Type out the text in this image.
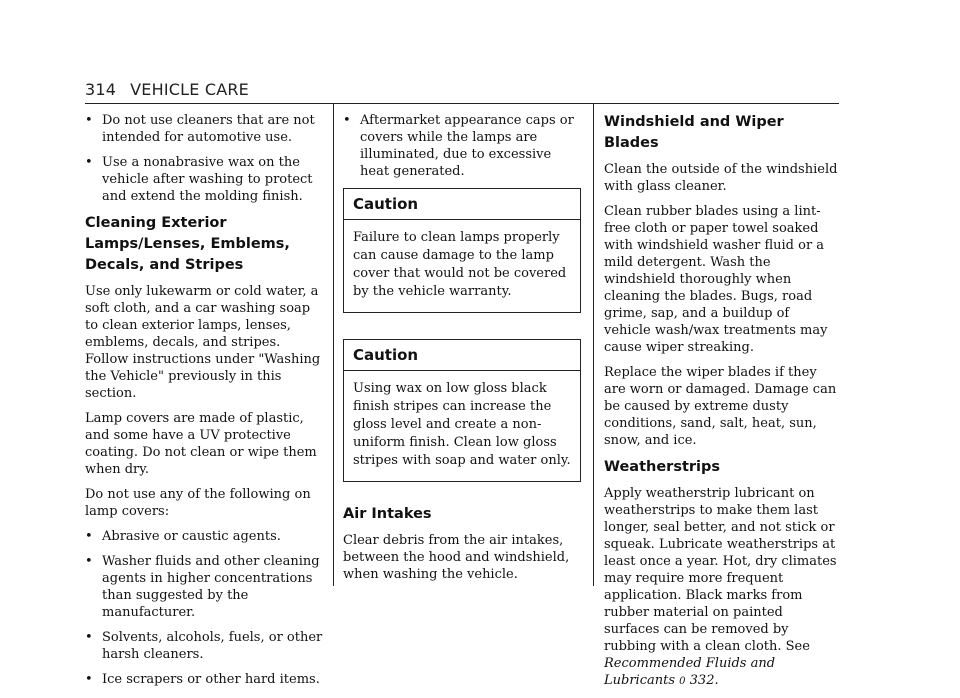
314 VEHICLE CARE
• Do not use cleaners that are not intended for automotive use.
• Use a nonabrasive wax on the vehicle after washing to protect and extend the molding finish.
Cleaning Exterior Lamps/Lenses, Emblems, Decals, and Stripes

Use only lukewarm or cold water, a soft cloth, and a car washing soap to clean exterior lamps, lenses, emblems, decals, and stripes. Follow instructions under "Washing the Vehicle" previously in this section.

Lamp covers are made of plastic, and some have a UV protective coating. Do not clean or wipe them when dry.

Do not use any of the following on lamp covers:

• Abrasive or caustic agents.
• Washer fluids and other cleaning agents in higher concentrations than suggested by the manufacturer.
• Solvents, alcohols, fuels, or other harsh cleaners.
• Ice scrapers or other hard items.
• Aftermarket appearance caps or covers while the lamps are illuminated, due to excessive heat generated.
Caution

Failure to clean lamps properly can cause damage to the lamp cover that would not be covered by the vehicle warranty.

Caution

Using wax on low gloss black finish stripes can increase the gloss level and create a non-uniform finish. Clean low gloss stripes with soap and water only.

Air Intakes

Clear debris from the air intakes, between the hood and windshield, when washing the vehicle.

Windshield and Wiper Blades

Clean the outside of the windshield with glass cleaner.

Clean rubber blades using a lint-free cloth or paper towel soaked with windshield washer fluid or a mild detergent. Wash the windshield thoroughly when cleaning the blades. Bugs, road grime, sap, and a buildup of vehicle wash/wax treatments may cause wiper streaking.

Replace the wiper blades if they are worn or damaged. Damage can be caused by extreme dusty conditions, sand, salt, heat, sun, snow, and ice.

Weatherstrips

Apply weatherstrip lubricant on weatherstrips to make them last longer, seal better, and not stick or squeak. Lubricate weatherstrips at least once a year. Hot, dry climates may require more frequent application. Black marks from rubber material on painted surfaces can be removed by rubbing with a clean cloth. See Recommended Fluids and Lubricants 0 332.
